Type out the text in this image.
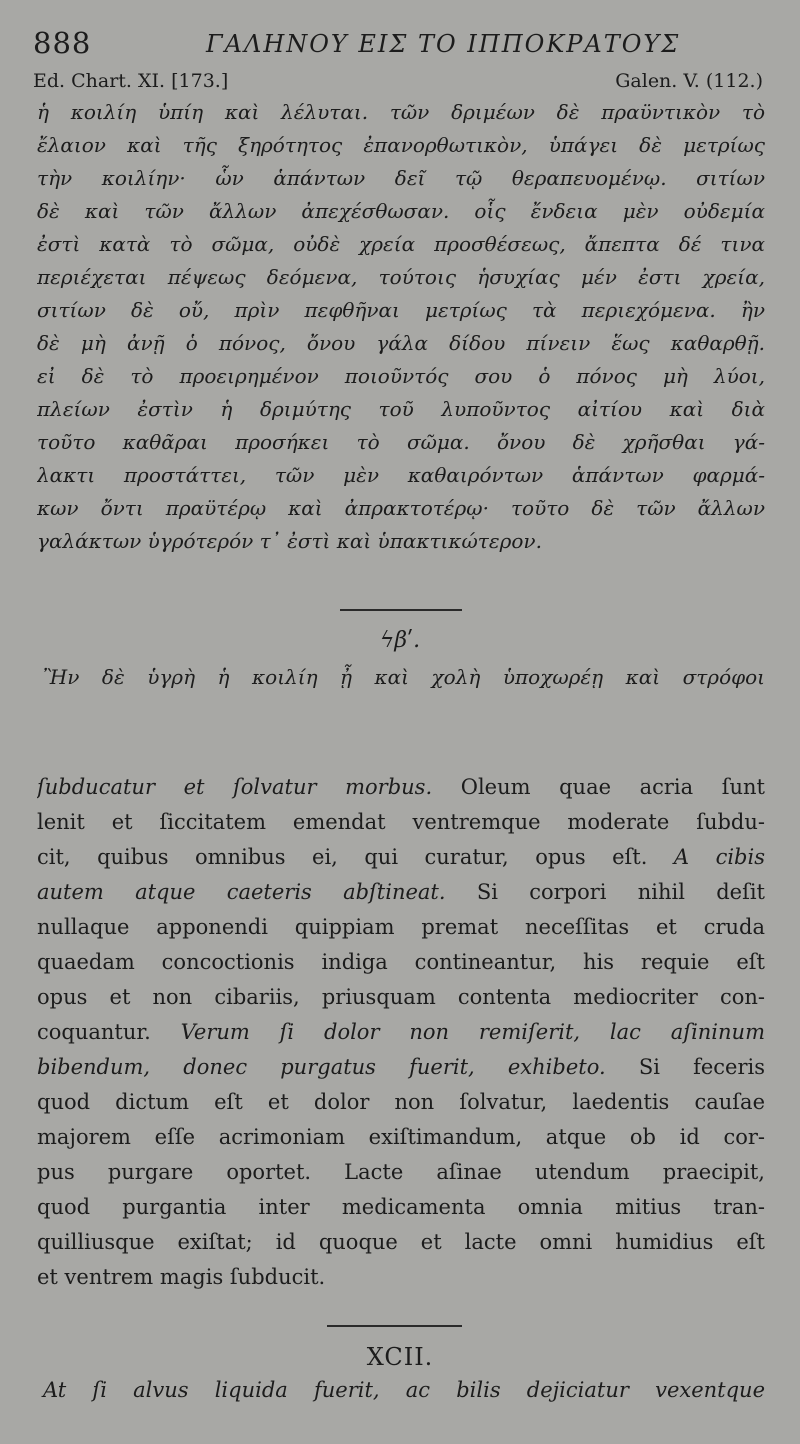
888	ΓΑΛΗΝΟΥ ΕΙΣ ΤΟ ΙΠΠΟΚΡΑΤΟΥΣ
Ed. Chart. XI. [173.]	Galen. V. (112.)
ἡ κοιλίη ὑπίη καὶ λέλυται. τῶν δριμέων δὲ πραϋντικὸν τὸ
ἔλαιον καὶ τῆς ξηρότητος ἐπανορθωτικὸν, ὑπάγει δὲ μετρίως
τὴν κοιλίην· ὧν ἁπάντων δεῖ τῷ θεραπευομένῳ. σιτίων
δὲ καὶ τῶν ἄλλων ἀπεχέσθωσαν. οἷς ἔνδεια μὲν οὐδεμία
ἐστὶ κατὰ τὸ σῶμα, οὐδὲ χρεία προσθέσεως, ἄπεπτα δέ τινα
περιέχεται πέψεως δεόμενα, τούτοις ἡσυχίας μέν ἐστι χρεία,
σιτίων δὲ οὔ, πρὶν πεφθῆναι μετρίως τὰ περιεχόμενα. ἢν
δὲ μὴ ἀνῇ ὁ πόνος, ὄνου γάλα δίδου πίνειν ἕως καθαρθῇ.
εἰ δὲ τὸ προειρημένον ποιοῦντός σου ὁ πόνος μὴ λύοι,
πλείων ἐστὶν ἡ δριμύτης τοῦ λυποῦντος αἰτίου καὶ διὰ
τοῦτο καθᾶραι προσήκει τὸ σῶμα. ὄνου δὲ χρῆσθαι γά-
λακτι προστάττει, τῶν μὲν καθαιρόντων ἁπάντων φαρμά-
κων ὄντι πραϋτέρῳ καὶ ἀπρακτοτέρῳ· τοῦτο δὲ τῶν ἄλλων
γαλάκτων ὑγρότερόν τ᾽ ἐστὶ καὶ ὑπακτικώτερον.
ϟβʹ.
Ἢν δὲ ὑγρὴ ἡ κοιλίη ᾖ καὶ χολὴ ὑποχωρέῃ καὶ στρόφοι
ſubducatur et ſolvatur morbus. Oleum quae acria ſunt
lenit et ſiccitatem emendat ventremque moderate ſubdu-
cit, quibus omnibus ei, qui curatur, opus eſt. A cibis
autem atque caeteris abſtineat. Si corpori nihil deſit
nullaque apponendi quippiam premat neceſſitas et cruda
quaedam concoctionis indiga contineantur, his requie eſt
opus et non cibariis, priusquam contenta mediocriter con-
coquantur. Verum ſi dolor non remiſerit, lac aſininum
bibendum, donec purgatus fuerit, exhibeto. Si feceris
quod dictum eſt et dolor non ſolvatur, laedentis cauſae
majorem eſſe acrimoniam exiſtimandum, atque ob id cor-
pus purgare oportet. Lacte aſinae utendum praecipit,
quod purgantia inter medicamenta omnia mitius tran-
quilliusque exiſtat; id quoque et lacte omni humidius eſt
et ventrem magis ſubducit.
XCII.
At ſi alvus liquida fuerit, ac bilis dejiciatur vexentque
